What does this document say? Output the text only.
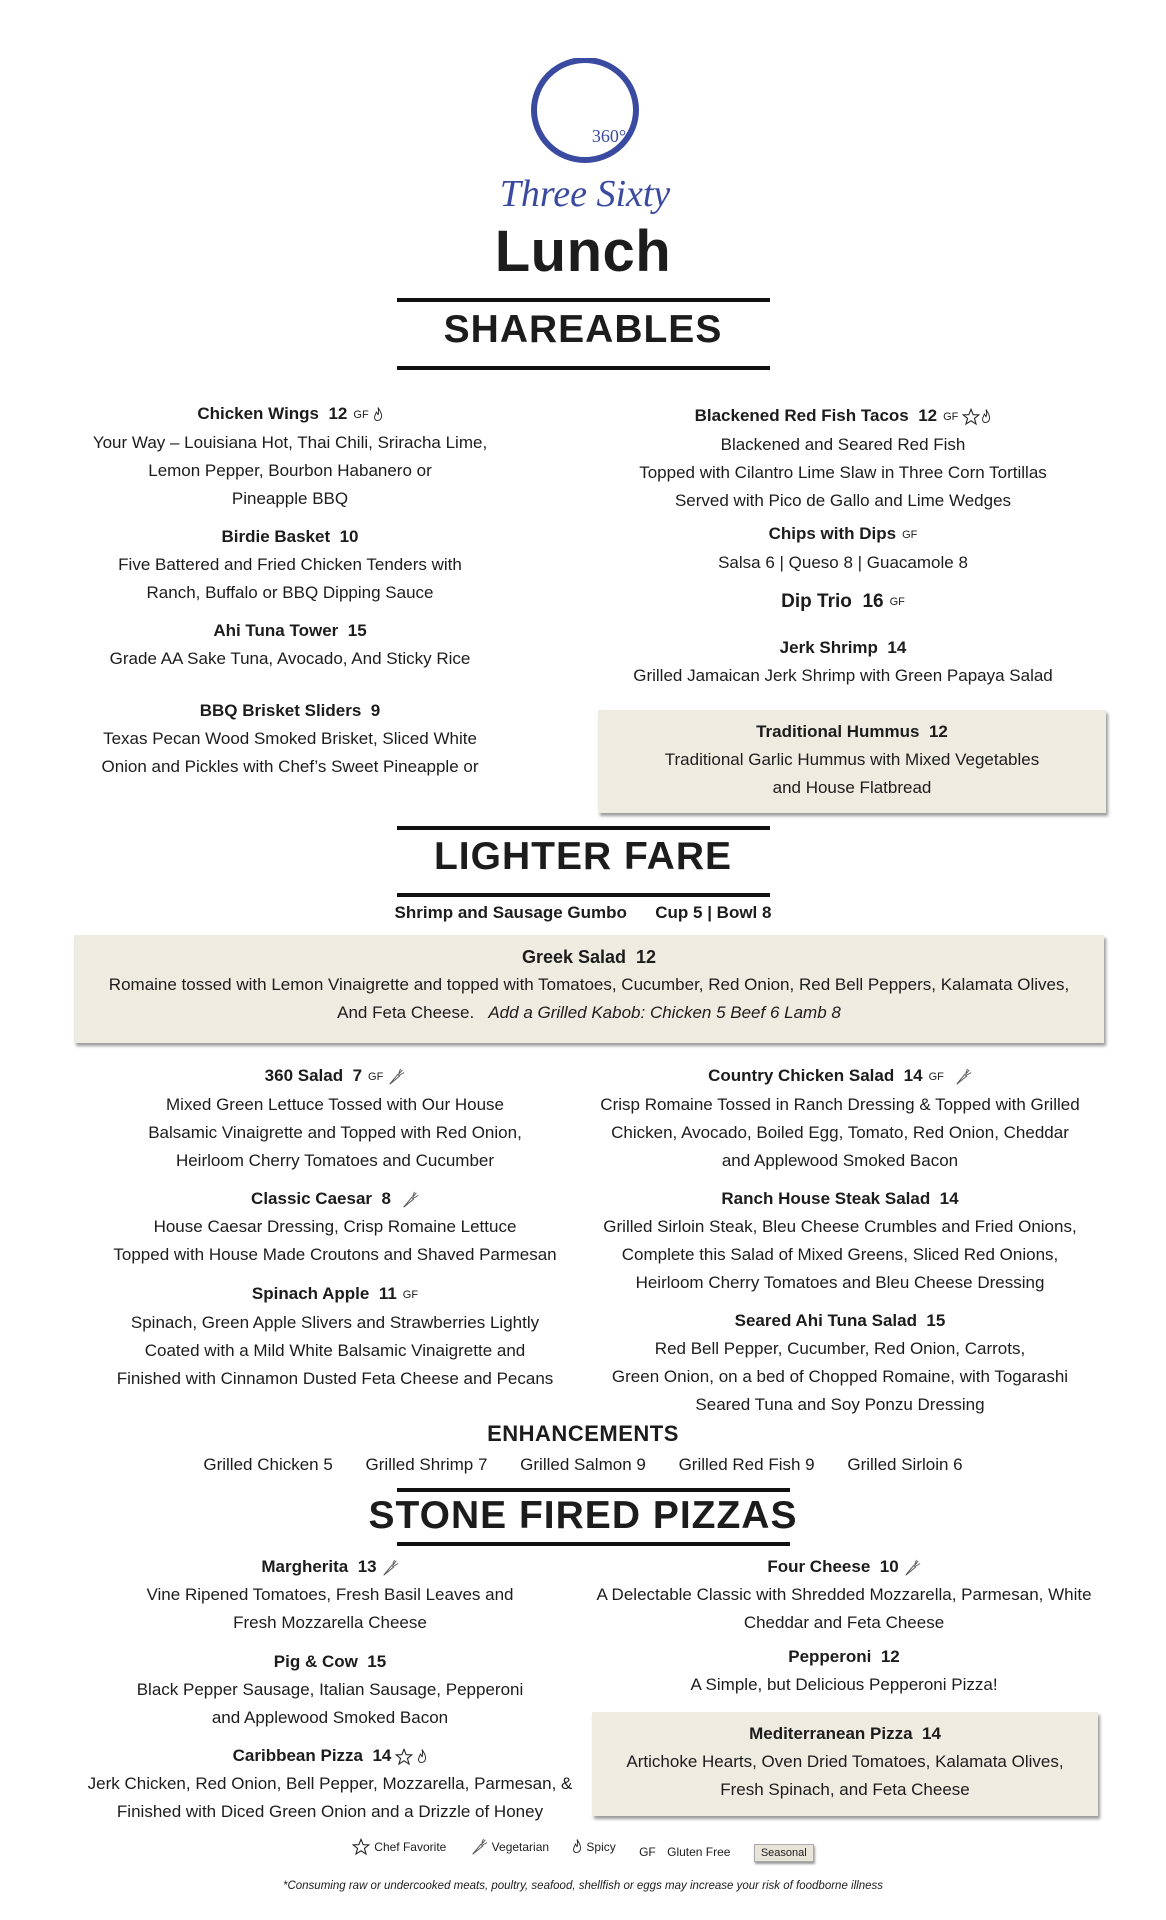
360°
Three Sixty
Lunch
SHAREABLES
Chicken Wings 12 GF
Your Way – Louisiana Hot, Thai Chili, Sriracha Lime,
Lemon Pepper, Bourbon Habanero or
Pineapple BBQ
Birdie Basket 10
Five Battered and Fried Chicken Tenders with
Ranch, Buffalo or BBQ Dipping Sauce
Ahi Tuna Tower 15
Grade AA Sake Tuna, Avocado, And Sticky Rice
BBQ Brisket Sliders 9
Texas Pecan Wood Smoked Brisket, Sliced White
Onion and Pickles with Chef’s Sweet Pineapple or
Blackened Red Fish Tacos 12 GF
Blackened and Seared Red Fish
Topped with Cilantro Lime Slaw in Three Corn Tortillas
Served with Pico de Gallo and Lime Wedges
Chips with Dips GF
Salsa 6 | Queso 8 | Guacamole 8
Dip Trio 16 GF
Jerk Shrimp 14
Grilled Jamaican Jerk Shrimp with Green Papaya Salad
Traditional Hummus 12
Traditional Garlic Hummus with Mixed Vegetables
and House Flatbread
LIGHTER FARE
Shrimp and Sausage Gumbo Cup 5 | Bowl 8
Greek Salad 12
Romaine tossed with Lemon Vinaigrette and topped with Tomatoes, Cucumber, Red Onion, Red Bell Peppers, Kalamata Olives,
And Feta Cheese. Add a Grilled Kabob: Chicken 5 Beef 6 Lamb 8
360 Salad 7 GF
Mixed Green Lettuce Tossed with Our House
Balsamic Vinaigrette and Topped with Red Onion,
Heirloom Cherry Tomatoes and Cucumber
Classic Caesar 8
House Caesar Dressing, Crisp Romaine Lettuce
Topped with House Made Croutons and Shaved Parmesan
Spinach Apple 11 GF
Spinach, Green Apple Slivers and Strawberries Lightly
Coated with a Mild White Balsamic Vinaigrette and
Finished with Cinnamon Dusted Feta Cheese and Pecans
Country Chicken Salad 14 GF
Crisp Romaine Tossed in Ranch Dressing & Topped with Grilled
Chicken, Avocado, Boiled Egg, Tomato, Red Onion, Cheddar
and Applewood Smoked Bacon
Ranch House Steak Salad 14
Grilled Sirloin Steak, Bleu Cheese Crumbles and Fried Onions,
Complete this Salad of Mixed Greens, Sliced Red Onions,
Heirloom Cherry Tomatoes and Bleu Cheese Dressing
Seared Ahi Tuna Salad 15
Red Bell Pepper, Cucumber, Red Onion, Carrots,
Green Onion, on a bed of Chopped Romaine, with Togarashi
Seared Tuna and Soy Ponzu Dressing
ENHANCEMENTS
Grilled Chicken 5 Grilled Shrimp 7 Grilled Salmon 9 Grilled Red Fish 9 Grilled Sirloin 6
STONE FIRED PIZZAS
Margherita 13
Vine Ripened Tomatoes, Fresh Basil Leaves and
Fresh Mozzarella Cheese
Pig & Cow 15
Black Pepper Sausage, Italian Sausage, Pepperoni
and Applewood Smoked Bacon
Caribbean Pizza 14
Jerk Chicken, Red Onion, Bell Pepper, Mozzarella, Parmesan, &
Finished with Diced Green Onion and a Drizzle of Honey
Four Cheese 10
A Delectable Classic with Shredded Mozzarella, Parmesan, White
Cheddar and Feta Cheese
Pepperoni 12
A Simple, but Delicious Pepperoni Pizza!
Mediterranean Pizza 14
Artichoke Hearts, Oven Dried Tomatoes, Kalamata Olives,
Fresh Spinach, and Feta Cheese
Chef Favorite
	Vegetarian
	Spicy
GF
Gluten Free
	Seasonal
*Consuming raw or undercooked meats, poultry, seafood, shellfish or eggs may increase your risk of foodborne illness
